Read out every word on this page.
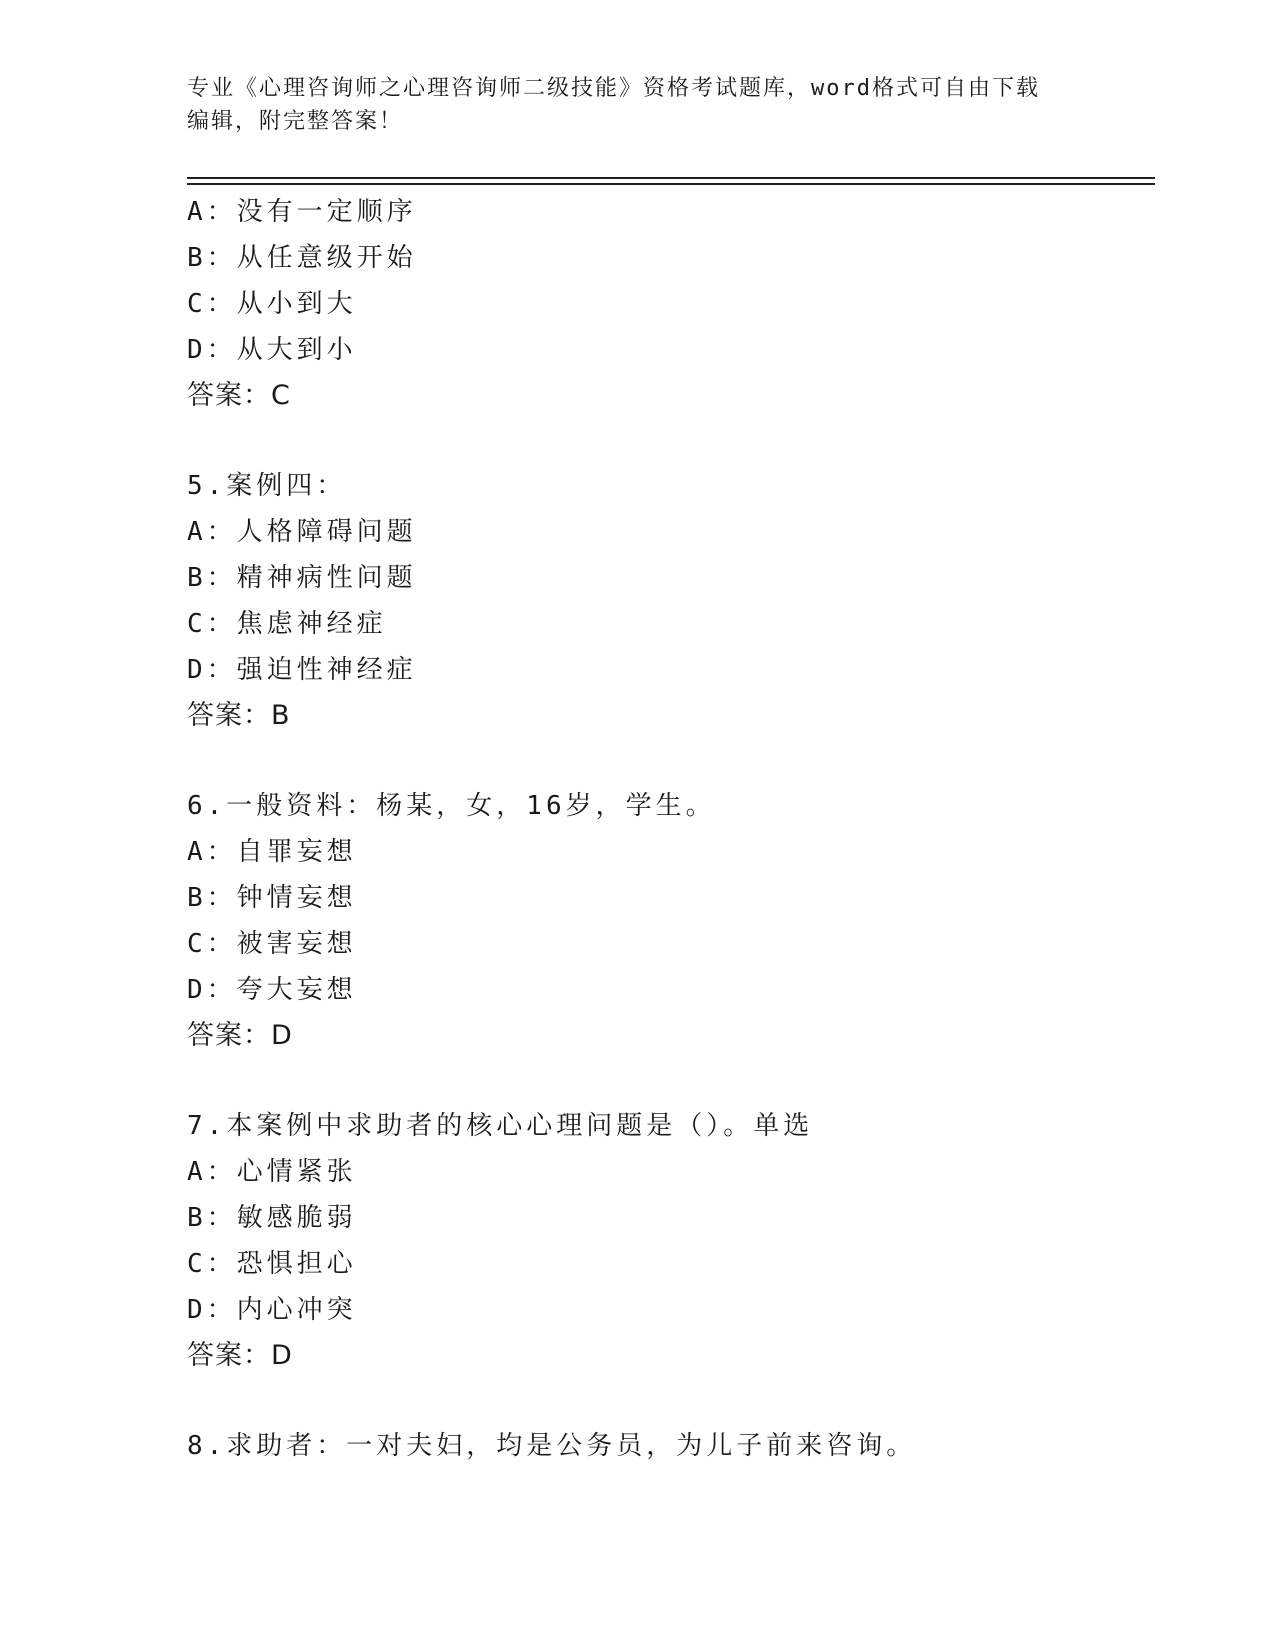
专业《心理咨询师之心理咨询师二级技能》资格考试题库，word格式可自由下载
编辑，附完整答案！
A：没有一定顺序
B：从任意级开始
C：从小到大
D：从大到小
答案：C
5.案例四：
A：人格障碍问题
B：精神病性问题
C：焦虑神经症
D：强迫性神经症
答案：B
6.一般资料：杨某，女，16岁，学生。
A：自罪妄想
B：钟情妄想
C：被害妄想
D：夸大妄想
答案：D
7.本案例中求助者的核心心理问题是（）。单选
A：心情紧张
B：敏感脆弱
C：恐惧担心
D：内心冲突
答案：D
8.求助者：一对夫妇，均是公务员，为儿子前来咨询。
